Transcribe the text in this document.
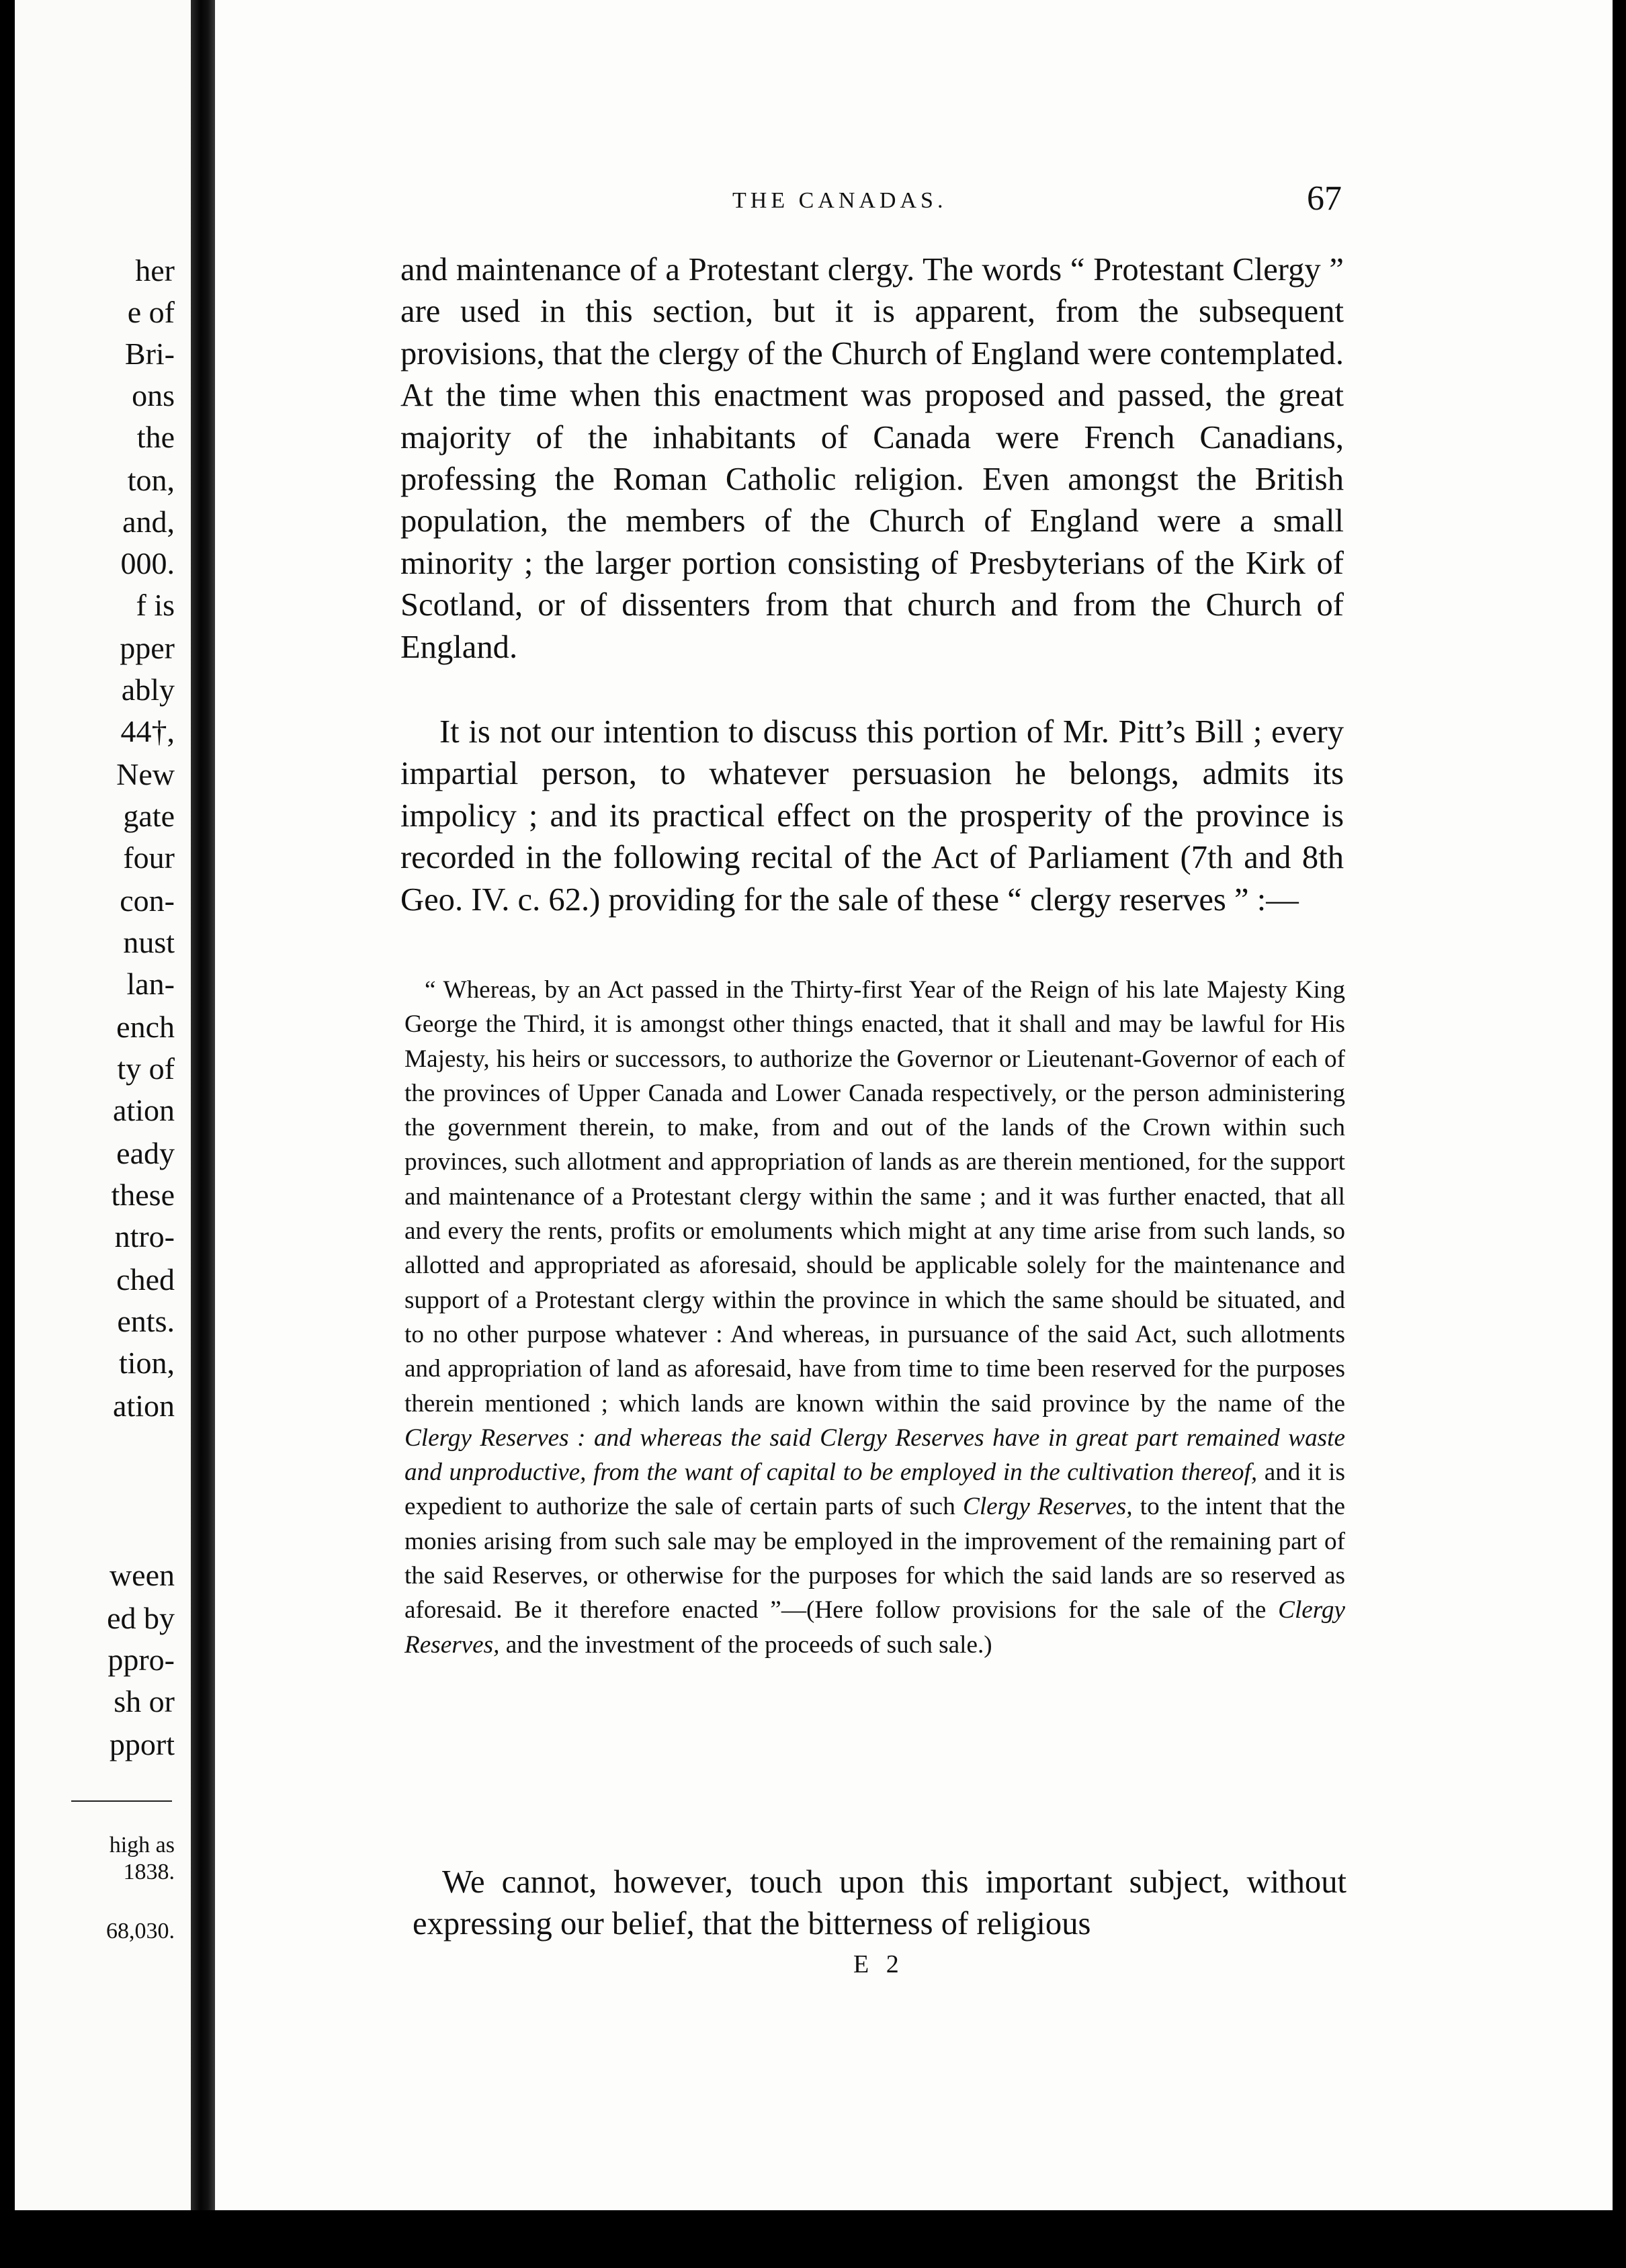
her
e of
Bri-
ons
the
ton,
and,
000.
f is
pper
ably
44†,
New
gate
four
con-
nust
lan-
ench
ty of
ation
eady
these
ntro-
ched
ents.
tion,
ation
ween
ed by
ppro-
sh or
pport
high as
1838.
68,030.
THE CANADAS.	67
and maintenance of a Protestant clergy. The words “ Protestant Clergy ” are used in this section, but it is apparent, from the subsequent provisions, that the clergy of the Church of England were contemplated. At the time when this enactment was proposed and passed, the great majority of the inhabitants of Canada were French Canadians, professing the Roman Catholic religion. Even amongst the British population, the members of the Church of England were a small minority ; the larger portion consisting of Presbyterians of the Kirk of Scotland, or of dissenters from that church and from the Church of England.
It is not our intention to discuss this portion of Mr. Pitt’s Bill ; every impartial person, to whatever persuasion he belongs, admits its impolicy ; and its practical effect on the prosperity of the province is recorded in the following recital of the Act of Parliament (7th and 8th Geo. IV. c. 62.) providing for the sale of these “ clergy reserves ” :—
“ Whereas, by an Act passed in the Thirty-first Year of the Reign of his late Majesty King George the Third, it is amongst other things enacted, that it shall and may be lawful for His Majesty, his heirs or successors, to authorize the Governor or Lieutenant-Governor of each of the provinces of Upper Canada and Lower Canada respectively, or the person administering the government therein, to make, from and out of the lands of the Crown within such provinces, such allotment and appropriation of lands as are therein mentioned, for the support and maintenance of a Protestant clergy within the same ; and it was further enacted, that all and every the rents, profits or emoluments which might at any time arise from such lands, so allotted and appropriated as aforesaid, should be applicable solely for the maintenance and support of a Protestant clergy within the province in which the same should be situated, and to no other purpose whatever : And whereas, in pursuance of the said Act, such allotments and appropriation of land as aforesaid, have from time to time been reserved for the purposes therein mentioned ; which lands are known within the said province by the name of the Clergy Reserves : and whereas the said Clergy Reserves have in great part remained waste and unproductive, from the want of capital to be employed in the cultivation thereof, and it is expedient to authorize the sale of certain parts of such Clergy Reserves, to the intent that the monies arising from such sale may be employed in the improvement of the remaining part of the said Reserves, or otherwise for the purposes for which the said lands are so reserved as aforesaid. Be it therefore enacted ”—(Here follow provisions for the sale of the Clergy Reserves, and the investment of the proceeds of such sale.)
We cannot, however, touch upon this important subject, without expressing our belief, that the bitterness of religious
E 2
